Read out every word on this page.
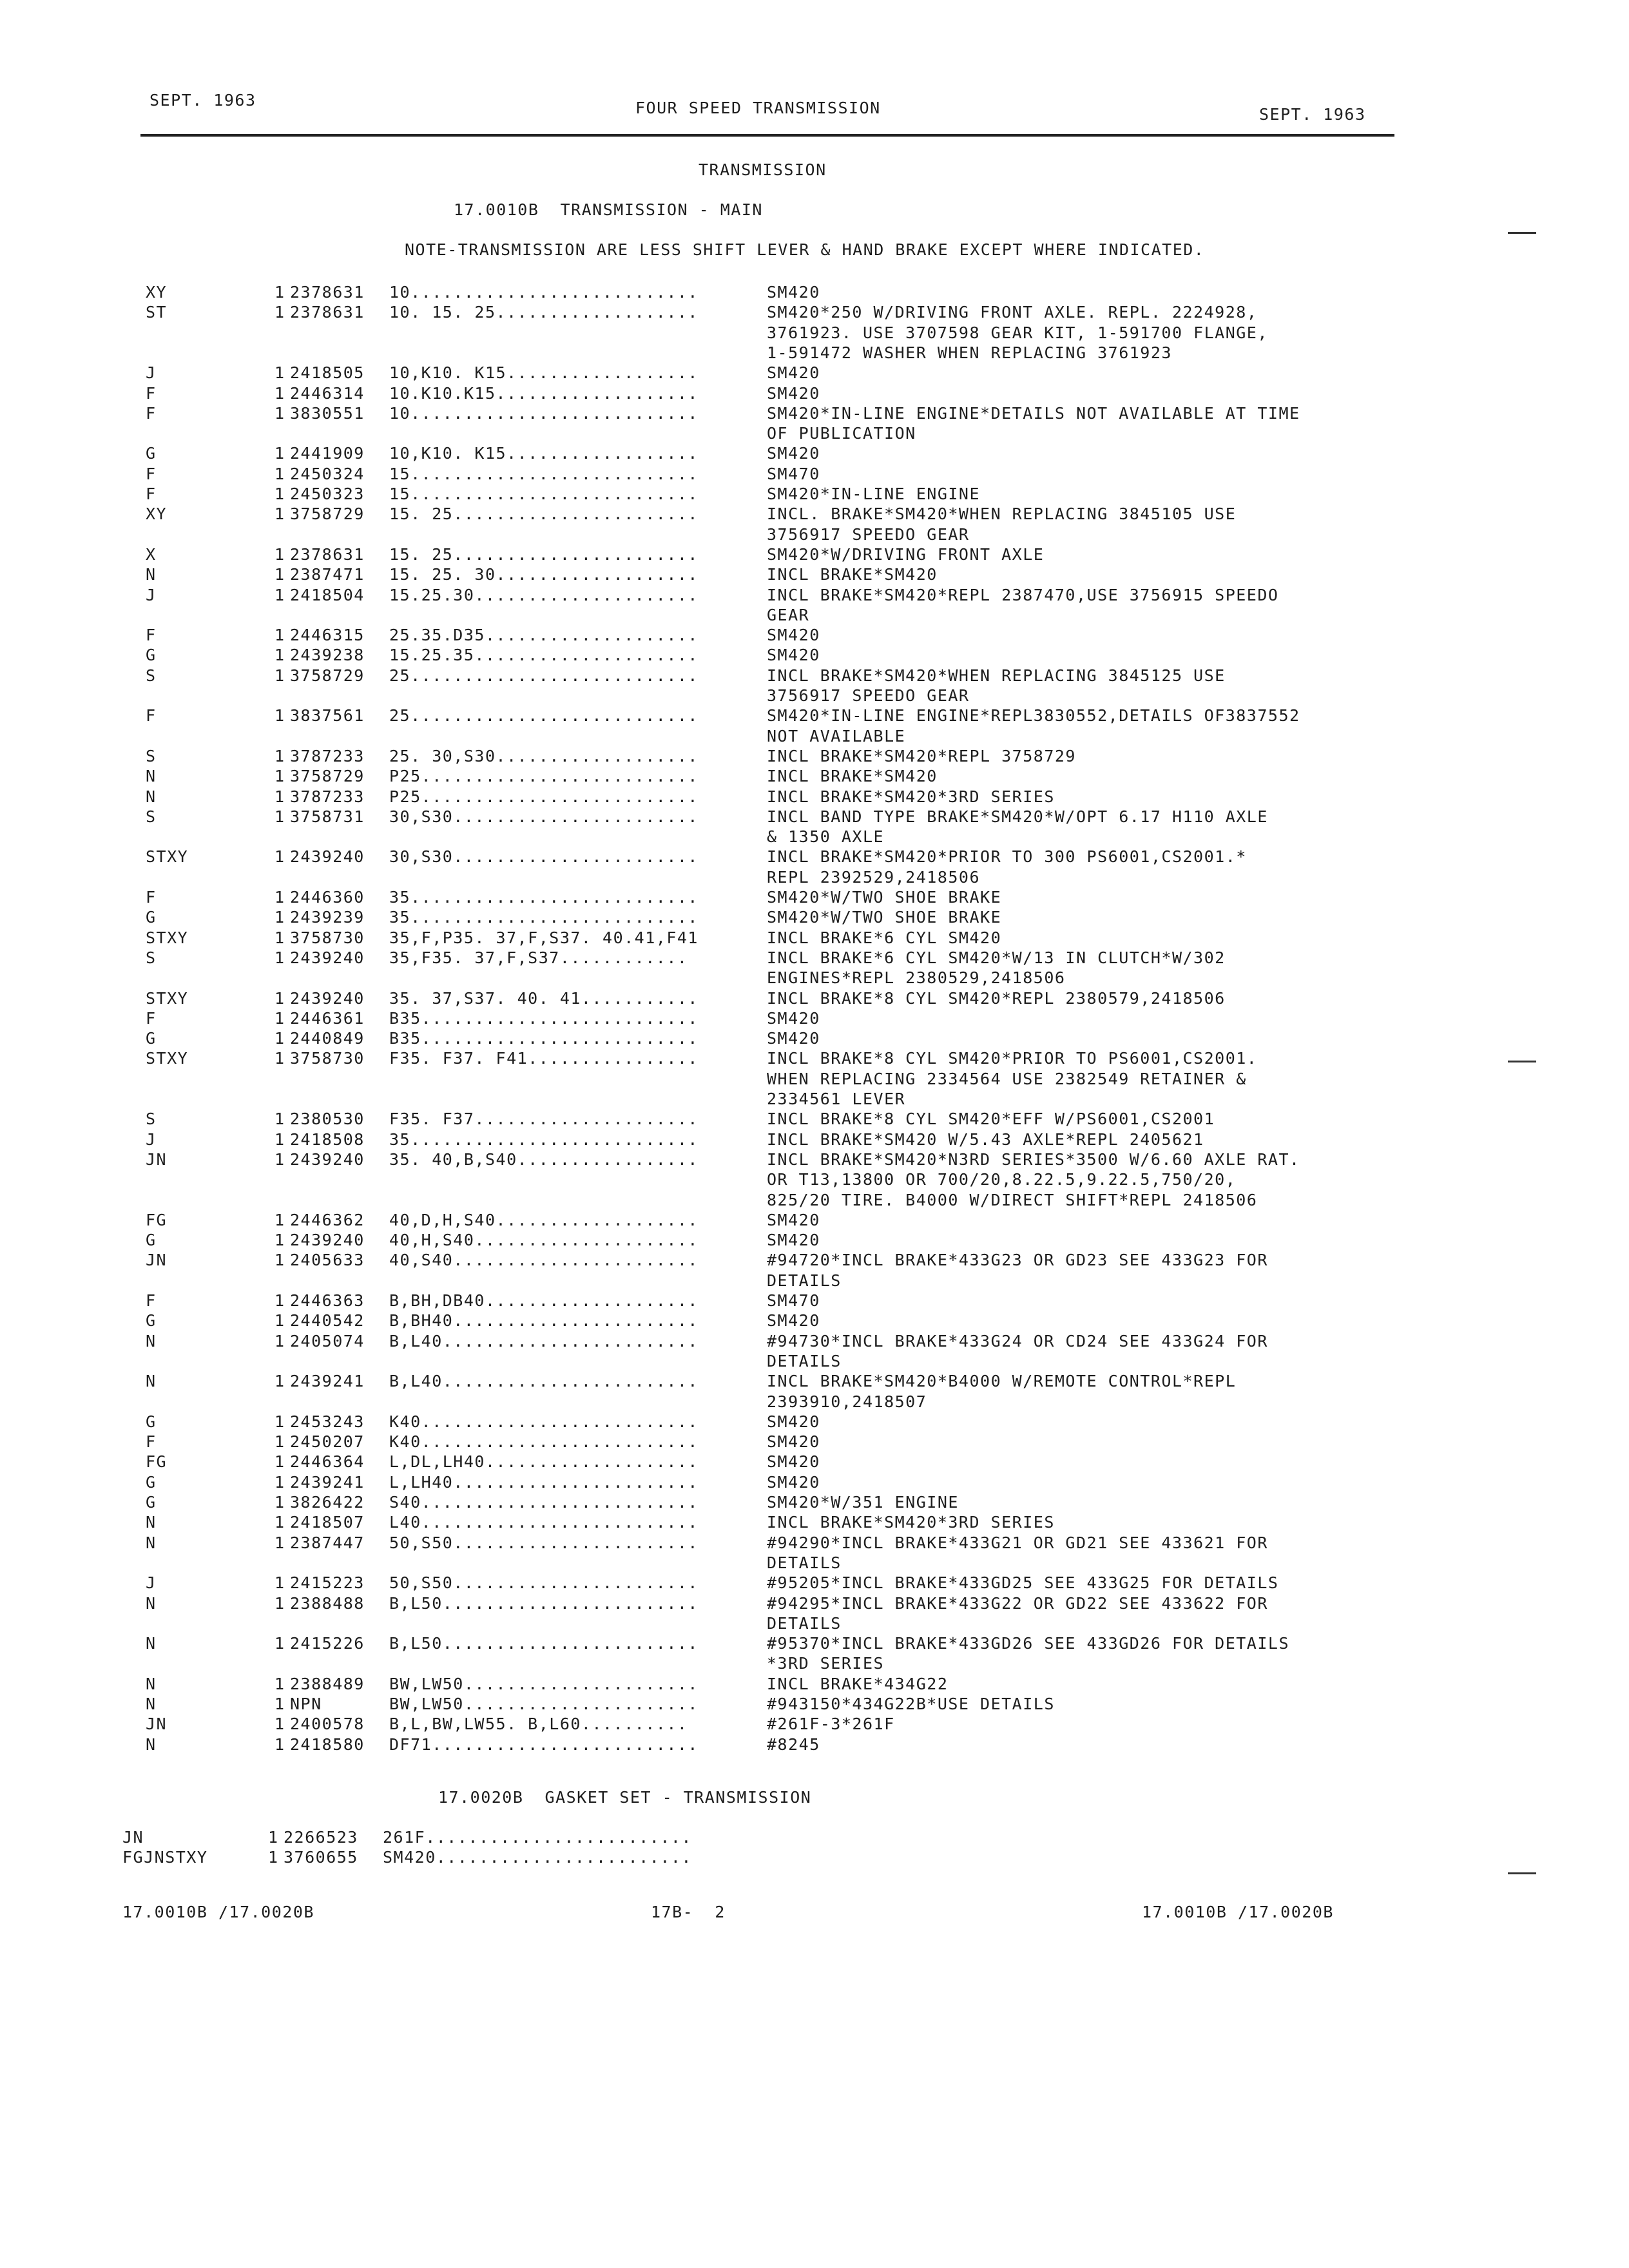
SEPT. 1963	FOUR SPEED TRANSMISSION	SEPT. 1963
TRANSMISSION
17.0010B  TRANSMISSION - MAIN
NOTE-TRANSMISSION ARE LESS SHIFT LEVER & HAND BRAKE EXCEPT WHERE INDICATED.
XY	1 2378631 10...........................	SM420
ST	1 2378631 10. 15. 25...................	SM420*250 W/DRIVING FRONT AXLE. REPL. 2224928,
3761923. USE 3707598 GEAR KIT, 1-591700 FLANGE,
1-591472 WASHER WHEN REPLACING 3761923
J	1 2418505 10,K10. K15..................	SM420
F	1 2446314 10.K10.K15...................	SM420
F	1 3830551 10...........................	SM420*IN-LINE ENGINE*DETAILS NOT AVAILABLE AT TIME
OF PUBLICATION
G	1 2441909 10,K10. K15..................	SM420
F	1 2450324 15...........................	SM470
F	1 2450323 15...........................	SM420*IN-LINE ENGINE
XY	1 3758729 15. 25.......................	INCL. BRAKE*SM420*WHEN REPLACING 3845105 USE
3756917 SPEEDO GEAR
X	1 2378631 15. 25.......................	SM420*W/DRIVING FRONT AXLE
N	1 2387471 15. 25. 30...................	INCL BRAKE*SM420
J	1 2418504 15.25.30.....................	INCL BRAKE*SM420*REPL 2387470,USE 3756915 SPEEDO
GEAR
F	1 2446315 25.35.D35....................	SM420
G	1 2439238 15.25.35.....................	SM420
S	1 3758729 25...........................	INCL BRAKE*SM420*WHEN REPLACING 3845125 USE
3756917 SPEEDO GEAR
F	1 3837561 25...........................	SM420*IN-LINE ENGINE*REPL3830552,DETAILS OF3837552
NOT AVAILABLE
S	1 3787233 25. 30,S30...................	INCL BRAKE*SM420*REPL 3758729
N	1 3758729 P25..........................	INCL BRAKE*SM420
N	1 3787233 P25..........................	INCL BRAKE*SM420*3RD SERIES
S	1 3758731 30,S30.......................	INCL BAND TYPE BRAKE*SM420*W/OPT 6.17 H110 AXLE
& 1350 AXLE
STXY	1 2439240 30,S30.......................	INCL BRAKE*SM420*PRIOR TO 300 PS6001,CS2001.*
REPL 2392529,2418506
F	1 2446360 35...........................	SM420*W/TWO SHOE BRAKE
G	1 2439239 35...........................	SM420*W/TWO SHOE BRAKE
STXY	1 3758730 35,F,P35. 37,F,S37. 40.41,F41	INCL BRAKE*6 CYL SM420
S	1 2439240 35,F35. 37,F,S37............	INCL BRAKE*6 CYL SM420*W/13 IN CLUTCH*W/302
ENGINES*REPL 2380529,2418506
STXY	1 2439240 35. 37,S37. 40. 41...........	INCL BRAKE*8 CYL SM420*REPL 2380579,2418506
F	1 2446361 B35..........................	SM420
G	1 2440849 B35..........................	SM420
STXY	1 3758730 F35. F37. F41................	INCL BRAKE*8 CYL SM420*PRIOR TO PS6001,CS2001.
WHEN REPLACING 2334564 USE 2382549 RETAINER &
2334561 LEVER
S	1 2380530 F35. F37.....................	INCL BRAKE*8 CYL SM420*EFF W/PS6001,CS2001
J	1 2418508 35...........................	INCL BRAKE*SM420 W/5.43 AXLE*REPL 2405621
JN	1 2439240 35. 40,B,S40.................	INCL BRAKE*SM420*N3RD SERIES*3500 W/6.60 AXLE RAT.
OR T13,13800 OR 700/20,8.22.5,9.22.5,750/20,
825/20 TIRE. B4000 W/DIRECT SHIFT*REPL 2418506
FG	1 2446362 40,D,H,S40...................	SM420
G	1 2439240 40,H,S40.....................	SM420
JN	1 2405633 40,S40.......................	#94720*INCL BRAKE*433G23 OR GD23 SEE 433G23 FOR
DETAILS
F	1 2446363 B,BH,DB40....................	SM470
G	1 2440542 B,BH40.......................	SM420
N	1 2405074 B,L40........................	#94730*INCL BRAKE*433G24 OR CD24 SEE 433G24 FOR
DETAILS
N	1 2439241 B,L40........................	INCL BRAKE*SM420*B4000 W/REMOTE CONTROL*REPL
2393910,2418507
G	1 2453243 K40..........................	SM420
F	1 2450207 K40..........................	SM420
FG	1 2446364 L,DL,LH40....................	SM420
G	1 2439241 L,LH40.......................	SM420
G	1 3826422 S40..........................	SM420*W/351 ENGINE
N	1 2418507 L40..........................	INCL BRAKE*SM420*3RD SERIES
N	1 2387447 50,S50.......................	#94290*INCL BRAKE*433G21 OR GD21 SEE 433621 FOR
DETAILS
J	1 2415223 50,S50.......................	#95205*INCL BRAKE*433GD25 SEE 433G25 FOR DETAILS
N	1 2388488 B,L50........................	#94295*INCL BRAKE*433G22 OR GD22 SEE 433622 FOR
DETAILS
N	1 2415226 B,L50........................	#95370*INCL BRAKE*433GD26 SEE 433GD26 FOR DETAILS
*3RD SERIES
N	1 2388489 BW,LW50......................	INCL BRAKE*434G22
N	1 NPN	BW,LW50......................	#943150*434G22B*USE DETAILS
JN	1 2400578 B,L,BW,LW55. B,L60..........	#261F-3*261F
N	1 2418580 DF71.........................	#8245
17.0020B  GASKET SET - TRANSMISSION
JN	1 2266523 261F.........................
FGJNSTXY	1 3760655 SM420........................
17.0010B /17.0020B	17B-  2	17.0010B /17.0020B
